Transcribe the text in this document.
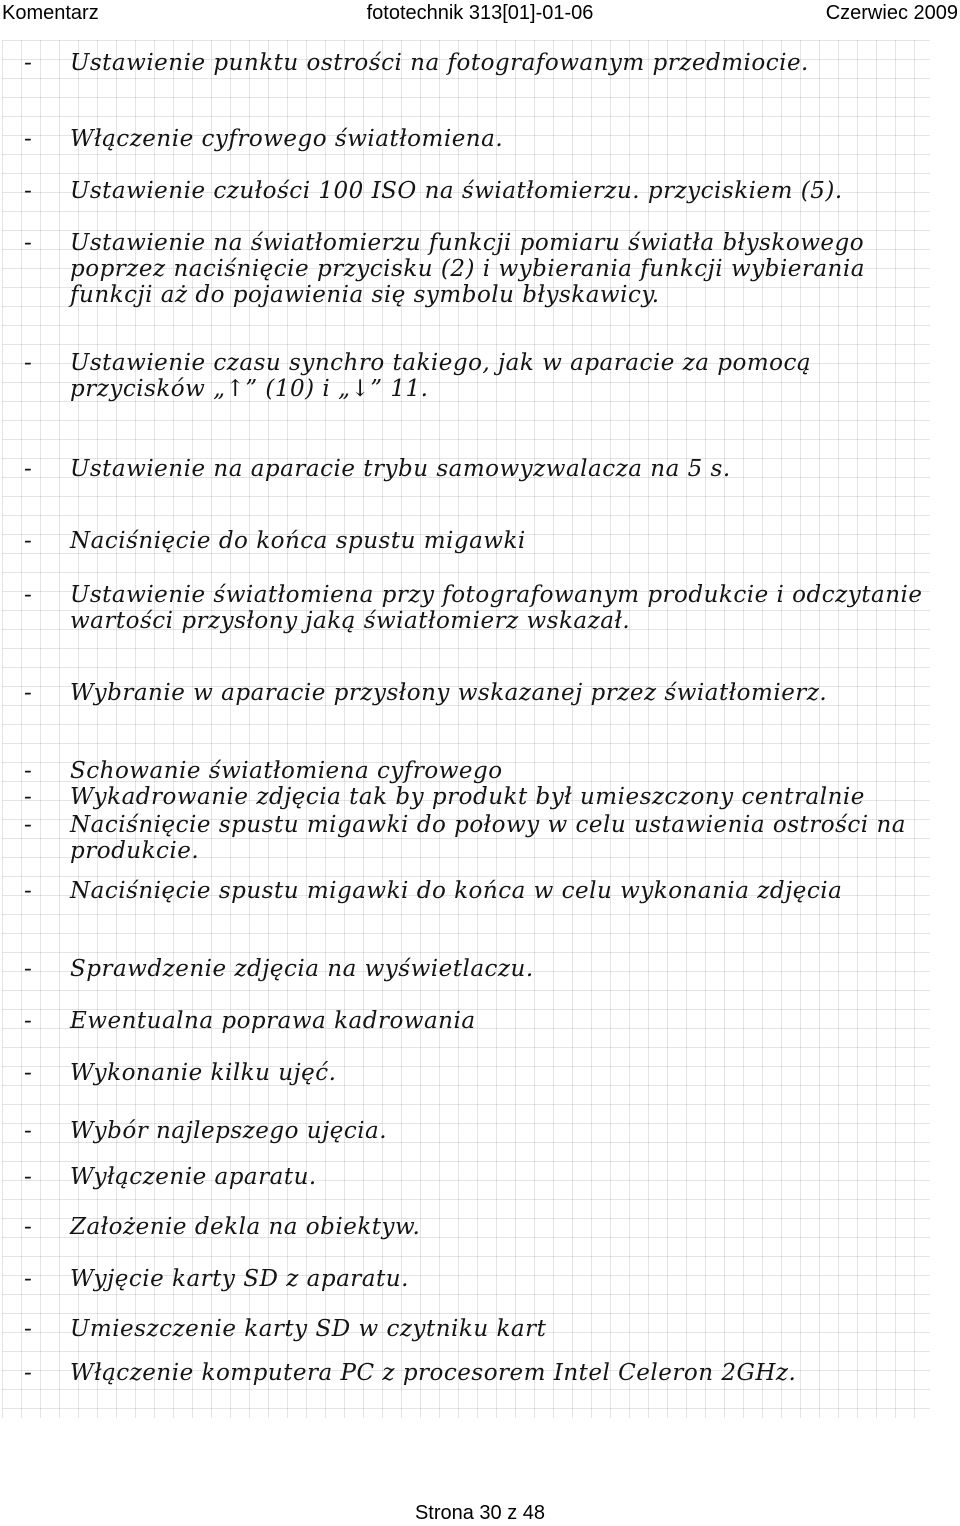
fototechnik 313[01]-01-06
Komentarz	Czerwiec 2009
- Ustawienie punktu ostrości na fotografowanym przedmiocie.
- Włączenie cyfrowego światłomiena.
- Ustawienie czułości 100 ISO na światłomierzu. przyciskiem (5).
- Ustawienie na światłomierzu funkcji pomiaru światła błyskowego poprzez naciśnięcie przycisku (2) i wybierania funkcji wybierania funkcji aż do pojawienia się symbolu błyskawicy.
- Ustawienie czasu synchro takiego, jak w aparacie za pomocą przycisków „↑” (10) i „↓” 11.
- Ustawienie na aparacie trybu samowyzwalacza na 5 s.
- Naciśnięcie do końca spustu migawki
- Ustawienie światłomiena przy fotografowanym produkcie i odczytanie wartości przysłony jaką światłomierz wskazał.
- Wybranie w aparacie przysłony wskazanej przez światłomierz.
- Schowanie światłomiena cyfrowego
- Wykadrowanie zdjęcia tak by produkt był umieszczony centralnie
- Naciśnięcie spustu migawki do połowy w celu ustawienia ostrości na produkcie.
- Naciśnięcie spustu migawki do końca w celu wykonania zdjęcia
- Sprawdzenie zdjęcia na wyświetlaczu.
- Ewentualna poprawa kadrowania
- Wykonanie kilku ujęć.
- Wybór najlepszego ujęcia.
- Wyłączenie aparatu.
- Założenie dekla na obiektyw.
- Wyjęcie karty SD z aparatu.
- Umieszczenie karty SD w czytniku kart
- Włączenie komputera PC z procesorem Intel Celeron 2GHz.
Strona 30 z 48
